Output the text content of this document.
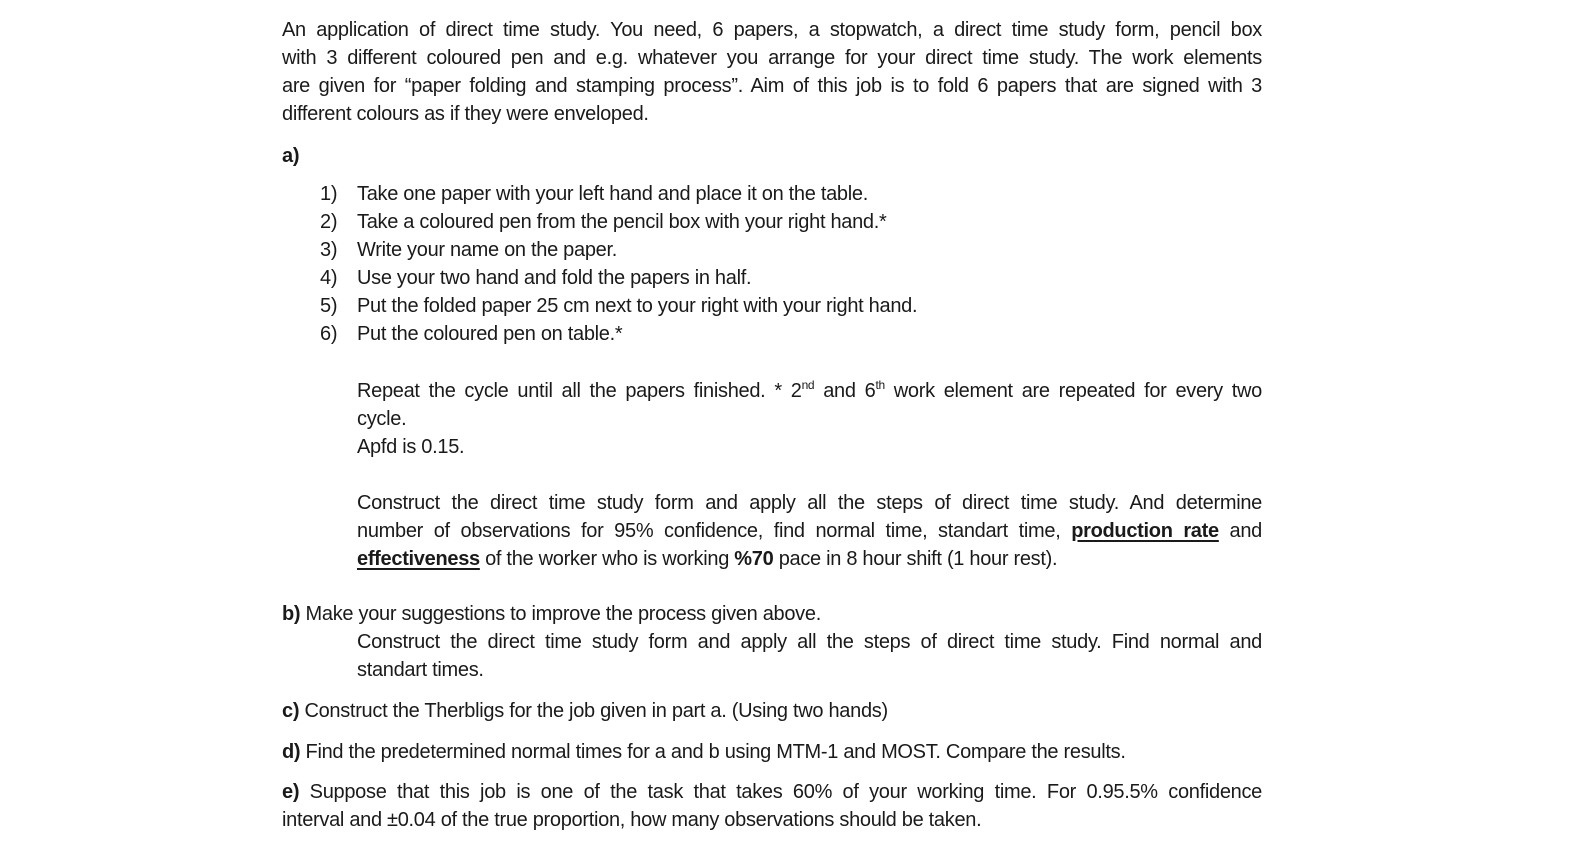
An application of direct time study. You need, 6 papers, a stopwatch, a direct time study form, pencil box
with 3 different coloured pen and e.g. whatever you arrange for your direct time study. The work elements
are given for “paper folding and stamping process”. Aim of this job is to fold 6 papers that are signed with 3
different colours as if they were enveloped.
a)
1) Take one paper with your left hand and place it on the table.
2) Take a coloured pen from the pencil box with your right hand.*
3) Write your name on the paper.
4) Use your two hand and fold the papers in half.
5) Put the folded paper 25 cm next to your right with your right hand.
6) Put the coloured pen on table.*
Repeat the cycle until all the papers finished. * 2nd and 6th work element are repeated for every two
cycle.
Apfd is 0.15.
Construct the direct time study form and apply all the steps of direct time study. And determine
number of observations for 95% confidence, find normal time, standart time, production rate and
effectiveness of the worker who is working %70 pace in 8 hour shift (1 hour rest).
b) Make your suggestions to improve the process given above.
Construct the direct time study form and apply all the steps of direct time study. Find normal and
standart times.
c) Construct the Therbligs for the job given in part a. (Using two hands)
d) Find the predetermined normal times for a and b using MTM-1 and MOST. Compare the results.
e) Suppose that this job is one of the task that takes 60% of your working time. For 0.95.5% confidence
interval and ±0.04 of the true proportion, how many observations should be taken.
